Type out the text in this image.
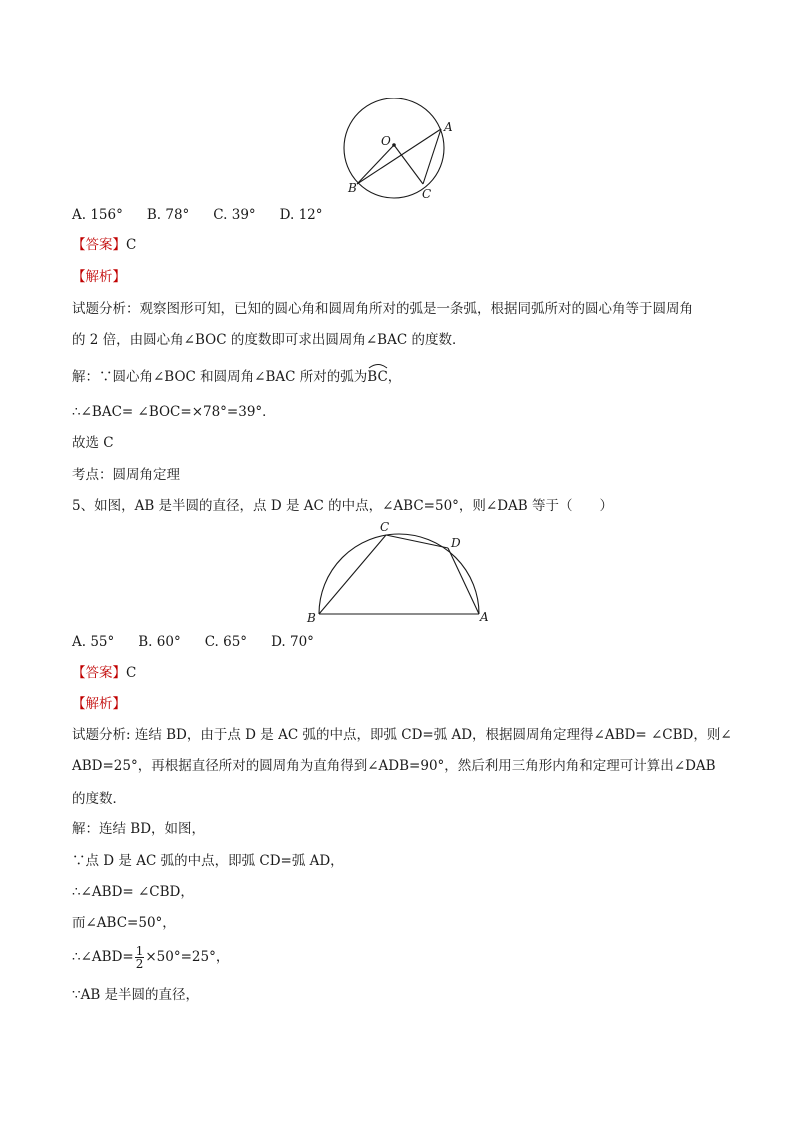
O
A
B	C
A. 156° B. 78° C. 39° D. 12°
【答案】C
【解析】
试题分析：观察图形可知，已知的圆心角和圆周角所对的弧是一条弧，根据同弧所对的圆心角等于圆周角
的 2 倍，由圆心角∠BOC 的度数即可求出圆周角∠BAC 的度数．
解：∵圆心角∠BOC 和圆周角∠BAC 所对的弧为
BC，
∴∠BAC= ∠BOC=×78°=39°．
故选 C
考点：圆周角定理
5、如图，AB 是半圆的直径，点 D 是 AC 的中点，∠ABC=50°，则∠DAB 等于（　　）
C
D
B	A
A. 55° B. 60° C. 65° D. 70°
【答案】C
【解析】
试题分析: 连结 BD，由于点 D 是 AC 弧的中点，即弧 CD=弧 AD，根据圆周角定理得∠ABD= ∠CBD，则∠
ABD=25°，再根据直径所对的圆周角为直角得到∠ADB=90°，然后利用三角形内角和定理可计算出∠DAB
的度数．
解：连结 BD，如图，
∵点 D 是 AC 弧的中点，即弧 CD=弧 AD，
∴∠ABD= ∠CBD，
而∠ABC=50°，
∴∠ABD= $\frac{1}{2} \times 50^\circ=25^\circ$，
∵AB 是半圆的直径，
